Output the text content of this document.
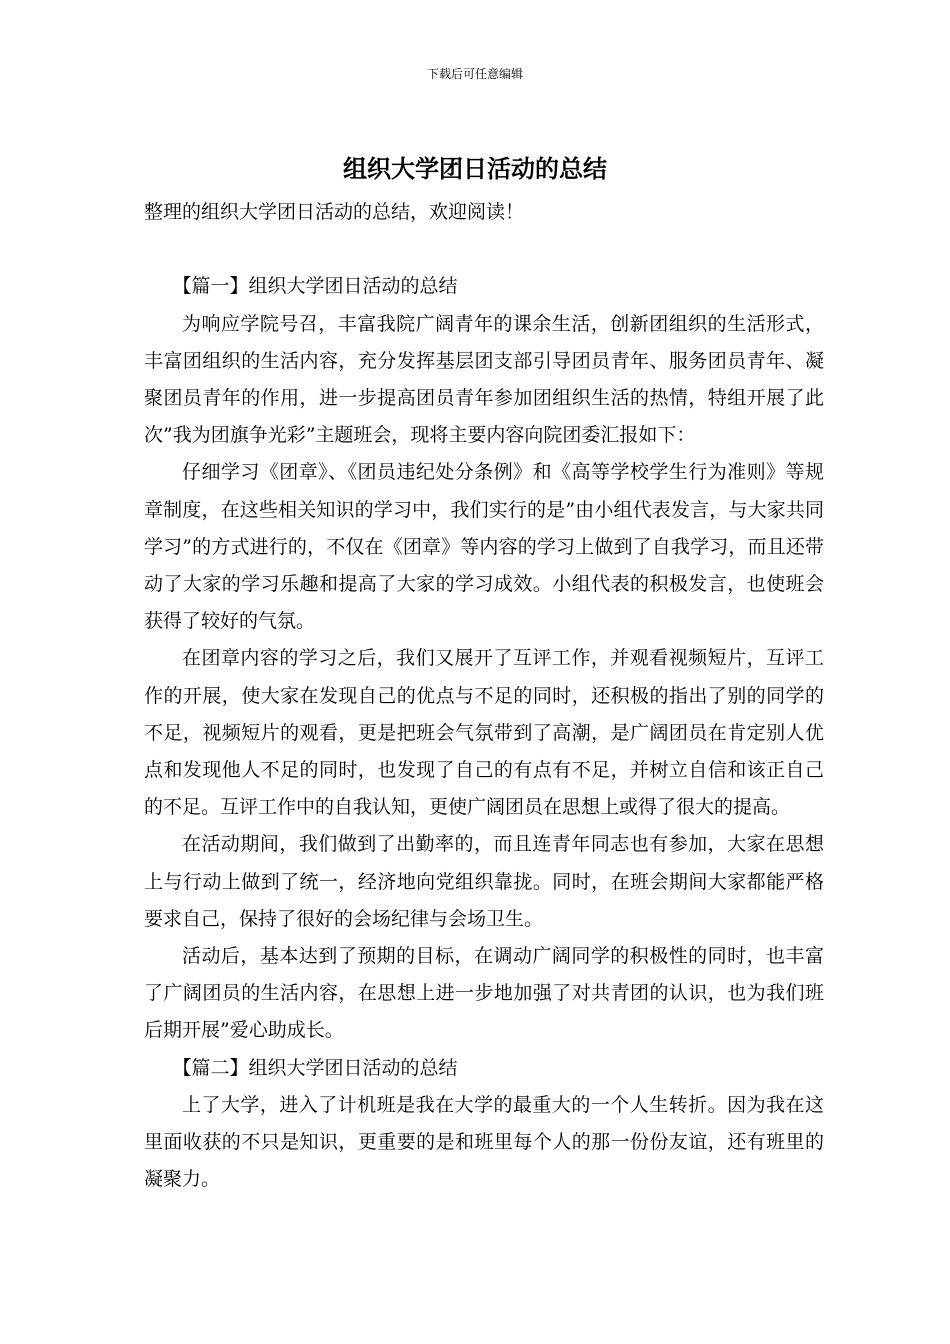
下载后可任意编辑
组织大学团日活动的总结

整理的组织大学团日活动的总结，欢迎阅读！

【篇一】组织大学团日活动的总结

为响应学院号召，丰富我院广阔青年的课余生活，创新团组织的生活形式，丰富团组织的生活内容，充分发挥基层团支部引导团员青年、服务团员青年、凝聚团员青年的作用，进一步提高团员青年参加团组织生活的热情，特组开展了此次”我为团旗争光彩”主题班会，现将主要内容向院团委汇报如下：

仔细学习《团章》、《团员违纪处分条例》和《高等学校学生行为准则》等规章制度，在这些相关知识的学习中，我们实行的是”由小组代表发言，与大家共同学习”的方式进行的，不仅在《团章》等内容的学习上做到了自我学习，而且还带动了大家的学习乐趣和提高了大家的学习成效。小组代表的积极发言，也使班会获得了较好的气氛。

在团章内容的学习之后，我们又展开了互评工作，并观看视频短片，互评工作的开展，使大家在发现自己的优点与不足的同时，还积极的指出了别的同学的不足，视频短片的观看，更是把班会气氛带到了高潮，是广阔团员在肯定别人优点和发现他人不足的同时，也发现了自己的有点有不足，并树立自信和该正自己的不足。互评工作中的自我认知，更使广阔团员在思想上或得了很大的提高。

在活动期间，我们做到了出勤率的，而且连青年同志也有参加，大家在思想上与行动上做到了统一，经济地向党组织靠拢。同时，在班会期间大家都能严格要求自己，保持了很好的会场纪律与会场卫生。

活动后，基本达到了预期的目标，在调动广阔同学的积极性的同时，也丰富了广阔团员的生活内容，在思想上进一步地加强了对共青团的认识，也为我们班后期开展”爱心助成长。

【篇二】组织大学团日活动的总结

上了大学，进入了计机班是我在大学的最重大的一个人生转折。因为我在这里面收获的不只是知识，更重要的是和班里每个人的那一份份友谊，还有班里的凝聚力。
